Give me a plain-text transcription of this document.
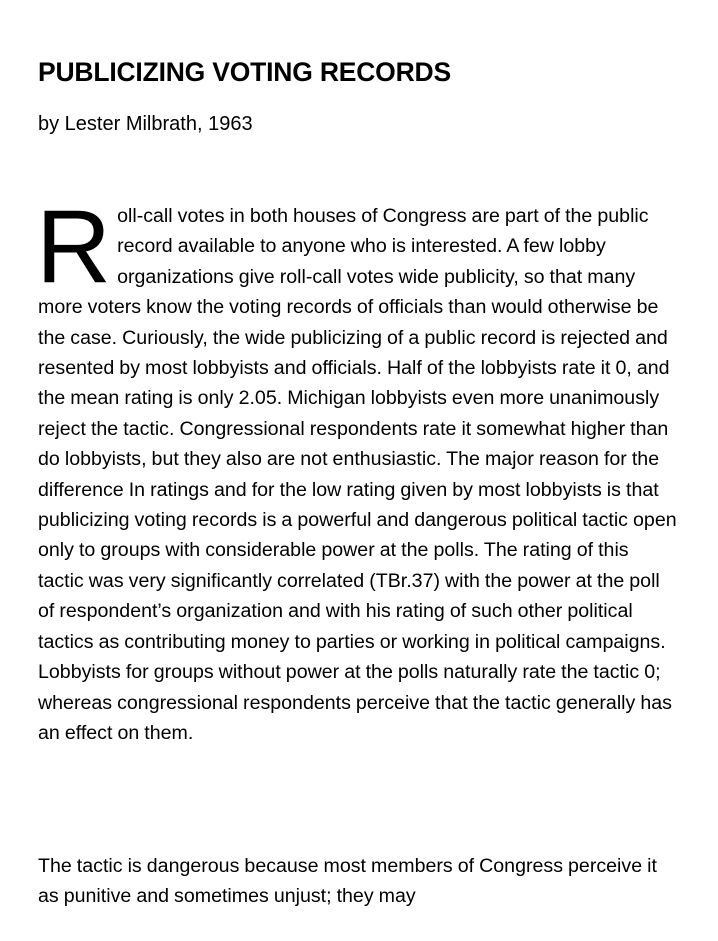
PUBLICIZING VOTING RECORDS
by Lester Milbrath, 1963

Roll-call votes in both houses of Congress are part of the public record available to anyone who is interested. A few lobby organizations give roll-call votes wide publicity, so that many more voters know the voting records of officials than would otherwise be the case. Curiously, the wide publicizing of a public record is rejected and resented by most lobbyists and officials. Half of the lobbyists rate it 0, and the mean rating is only 2.05. Michigan lobbyists even more unanimously reject the tactic. Congressional respondents rate it somewhat higher than do lobbyists, but they also are not enthusiastic. The major reason for the difference In ratings and for the low rating given by most lobbyists is that publicizing voting records is a powerful and dangerous political tactic open only to groups with considerable power at the polls. The rating of this tactic was very significantly correlated (TBr.37) with the power at the poll of respondent’s organization and with his rating of such other political tactics as contributing money to parties or working in political campaigns. Lobbyists for groups without power at the polls naturally rate the tactic 0; whereas congressional respondents perceive that the tactic generally has an effect on them.

The tactic is dangerous because most members of Congress perceive it as punitive and sometimes unjust; they may
